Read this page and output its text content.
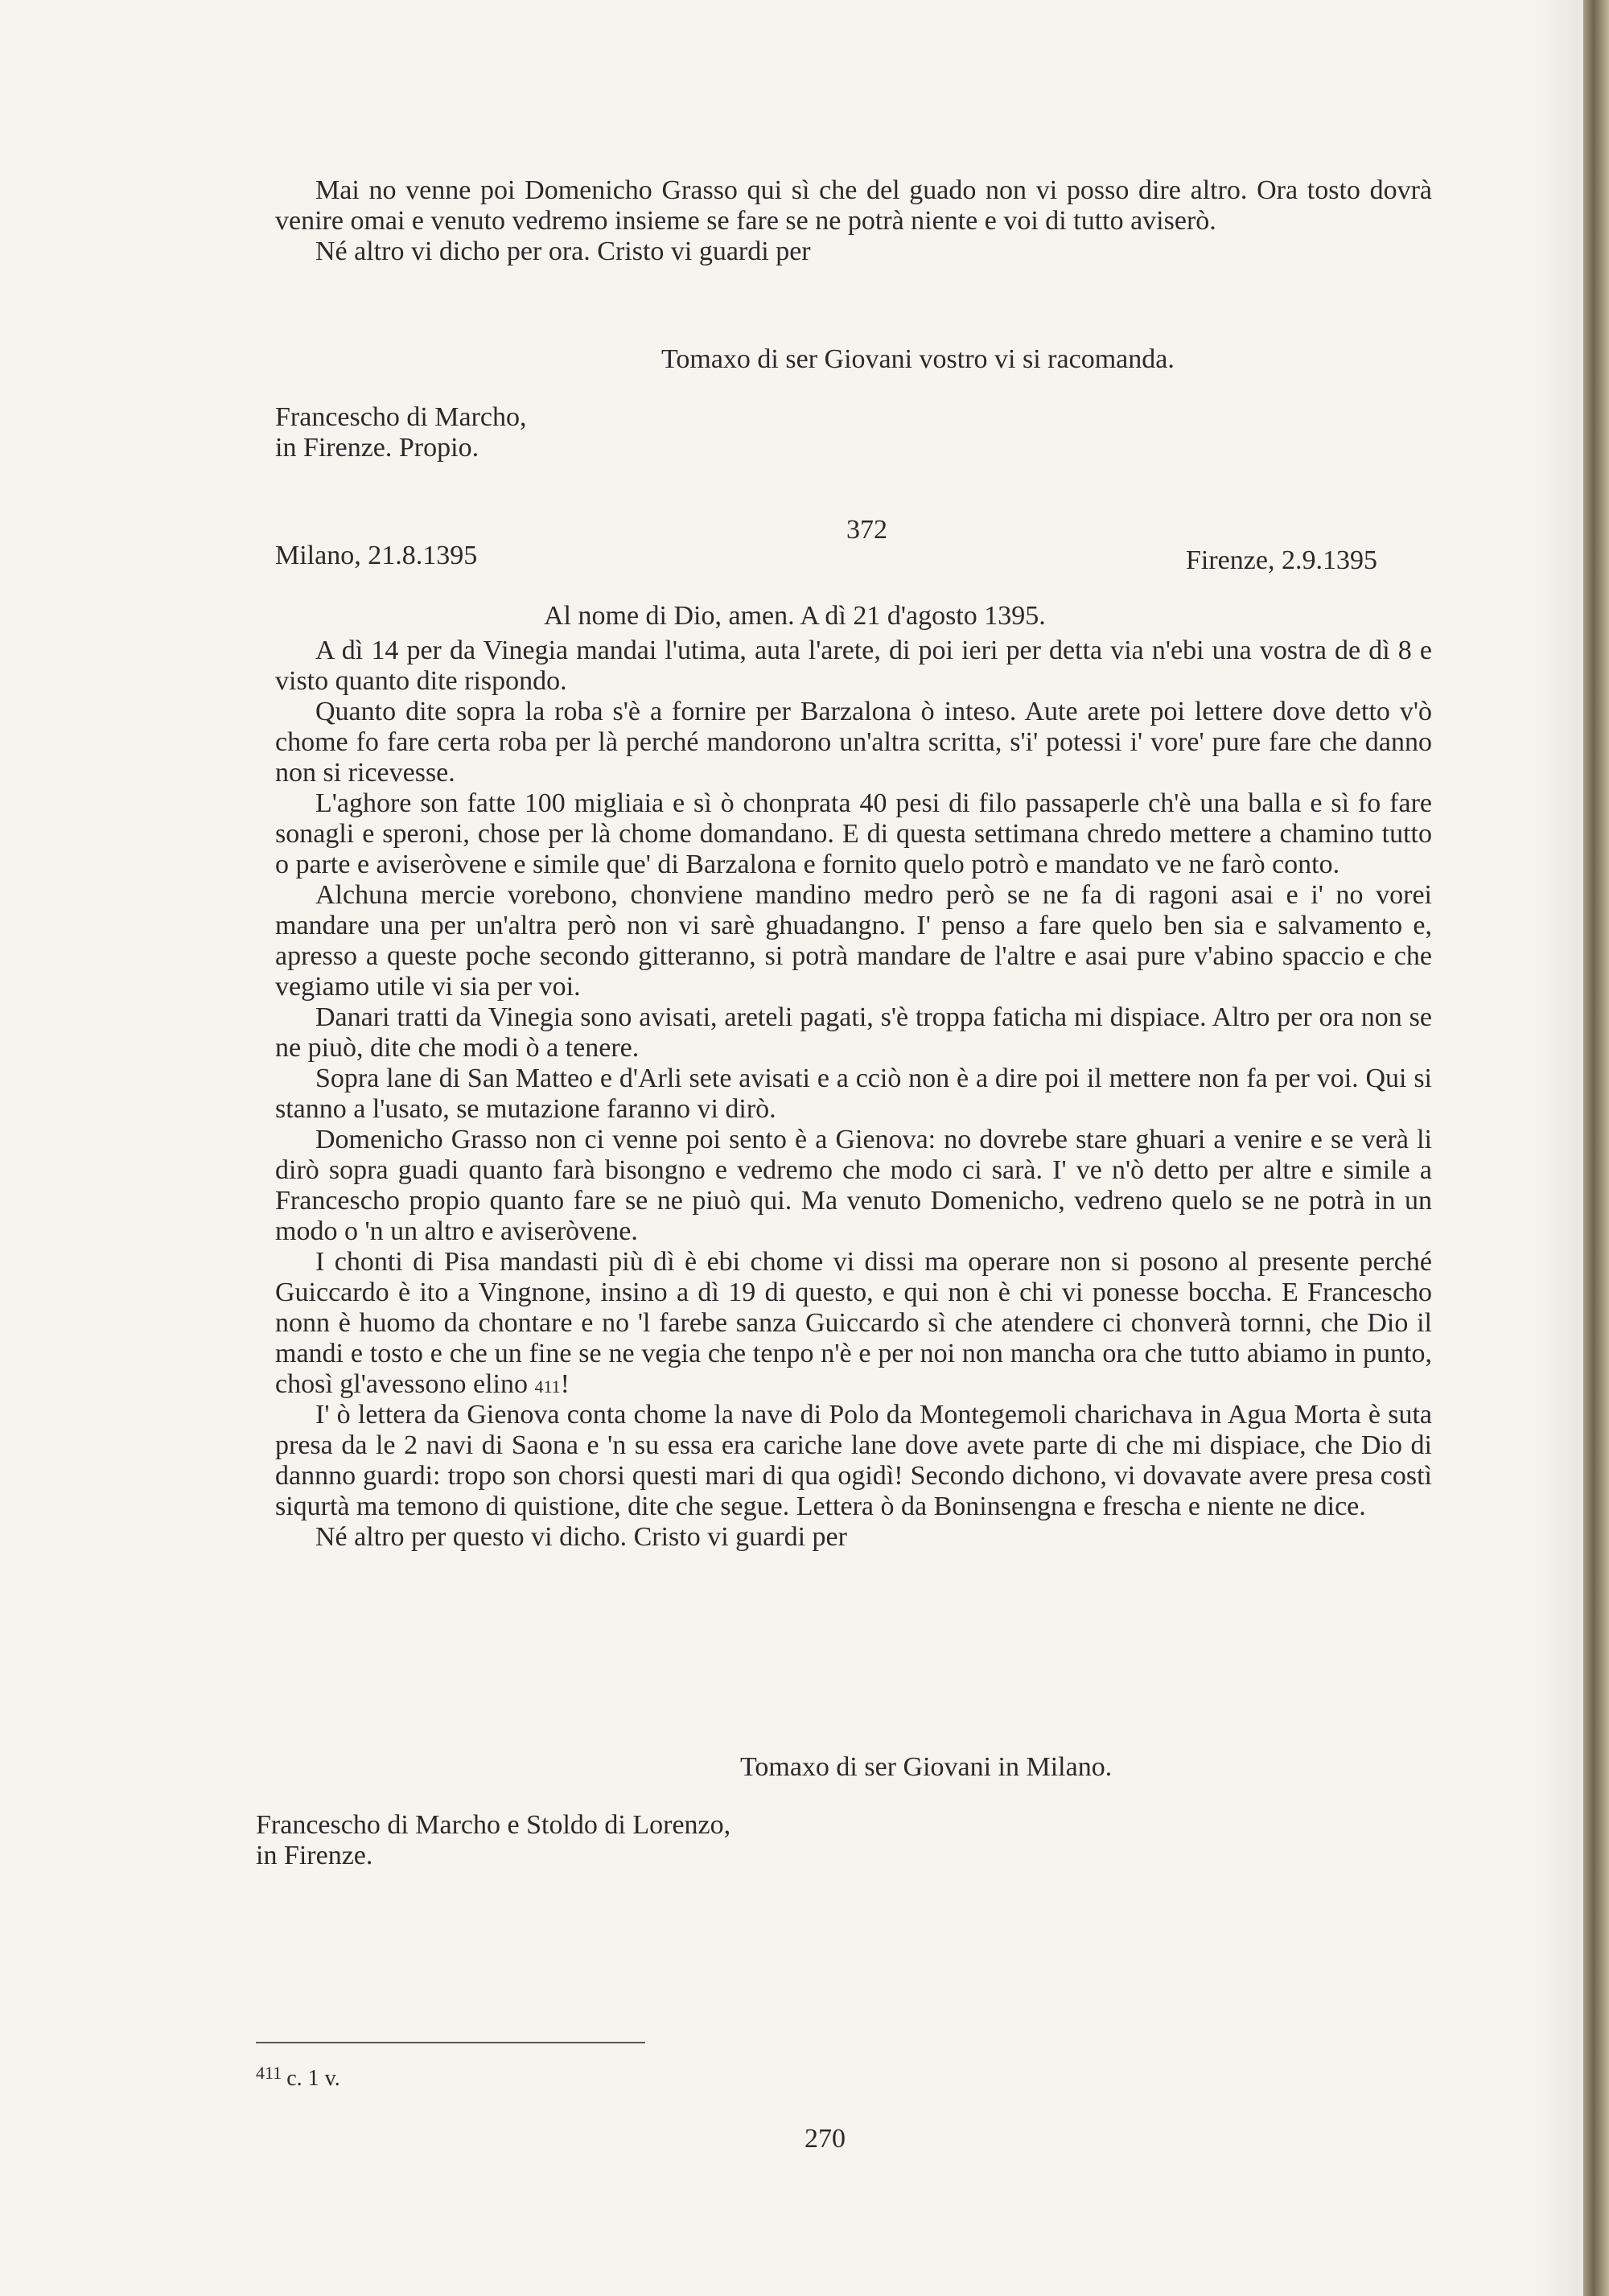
Mai no venne poi Domenicho Grasso qui sì che del guado non vi posso dire altro. Ora tosto dovrà venire omai e venuto vedremo insieme se fare se ne potrà niente e voi di tutto aviserò.

Né altro vi dicho per ora. Cristo vi guardi per

Tomaxo di ser Giovani vostro vi si racomanda.
Francescho di Marcho,
in Firenze. Propio.
372
Milano, 21.8.1395	Firenze, 2.9.1395
Al nome di Dio, amen. A dì 21 d'agosto 1395.

A dì 14 per da Vinegia mandai l'utima, auta l'arete, di poi ieri per detta via n'ebi una vostra de dì 8 e visto quanto dite rispondo.

Quanto dite sopra la roba s'è a fornire per Barzalona ò inteso. Aute arete poi lettere dove detto v'ò chome fo fare certa roba per là perché mandorono un'altra scritta, s'i' potessi i' vore' pure fare che danno non si ricevesse.

L'aghore son fatte 100 migliaia e sì ò chonprata 40 pesi di filo passaperle ch'è una balla e sì fo fare sonagli e speroni, chose per là chome domandano. E di questa settimana chredo mettere a chamino tutto o parte e aviseròvene e simile que' di Barzalona e fornito quelo potrò e mandato ve ne farò conto.

Alchuna mercie vorebono, chonviene mandino medro però se ne fa di ragoni asai e i' no vorei mandare una per un'altra però non vi sarè ghuadangno. I' penso a fare quelo ben sia e salvamento e, apresso a queste poche secondo gitteranno, si potrà mandare de l'altre e asai pure v'abino spaccio e che vegiamo utile vi sia per voi.

Danari tratti da Vinegia sono avisati, areteli pagati, s'è troppa faticha mi dispiace. Altro per ora non se ne piuò, dite che modi ò a tenere.

Sopra lane di San Matteo e d'Arli sete avisati e a cciò non è a dire poi il mettere non fa per voi. Qui si stanno a l'usato, se mutazione faranno vi dirò.

Domenicho Grasso non ci venne poi sento è a Gienova: no dovrebe stare ghuari a venire e se verà li dirò sopra guadi quanto farà bisongno e vedremo che modo ci sarà. I' ve n'ò detto per altre e simile a Francescho propio quanto fare se ne piuò qui. Ma venuto Domenicho, vedreno quelo se ne potrà in un modo o 'n un altro e aviseròvene.

I chonti di Pisa mandasti più dì è ebi chome vi dissi ma operare non si posono al presente perché Guiccardo è ito a Vingnone, insino a dì 19 di questo, e qui non è chi vi ponesse boccha. E Francescho nonn è huomo da chontare e no 'l farebe sanza Guiccardo sì che atendere ci chonverà tornni, che Dio il mandi e tosto e che un fine se ne vegia che tenpo n'è e per noi non mancha ora che tutto abiamo in punto, chosì gl'avessono elino 411!

I' ò lettera da Gienova conta chome la nave di Polo da Montegemoli charichava in Agua Morta è suta presa da le 2 navi di Saona e 'n su essa era cariche lane dove avete parte di che mi dispiace, che Dio di dannno guardi: tropo son chorsi questi mari di qua ogidì! Secondo dichono, vi dovavate avere presa costì siqurtà ma temono di quistione, dite che segue. Lettera ò da Boninsengna e frescha e niente ne dice.

Né altro per questo vi dicho. Cristo vi guardi per

Tomaxo di ser Giovani in Milano.
Francescho di Marcho e Stoldo di Lorenzo,
in Firenze.
$^{411}$ c. 1 v.
270
